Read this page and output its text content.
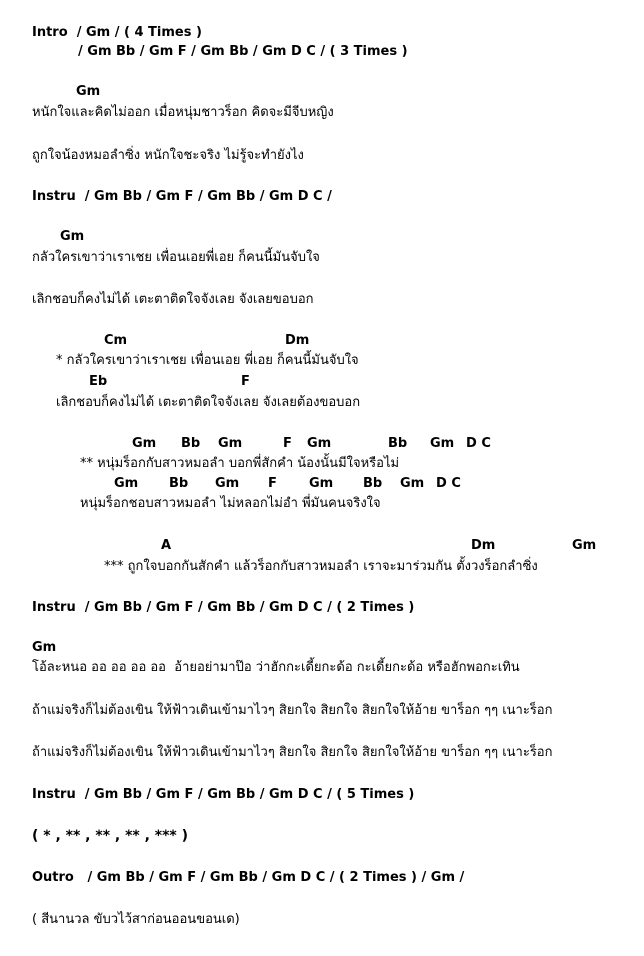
Intro  / Gm / ( 4 Times )
/ Gm Bb / Gm F / Gm Bb / Gm D C / ( 3 Times )
Gm
หนักใจและคิดไม่ออก เมื่อหนุ่มชาวร็อก คิดจะมีจีบหญิง
ถูกใจน้องหมอลำซิ่ง หนักใจชะจริง ไม่รู้จะทำยังไง
Instru  / Gm Bb / Gm F / Gm Bb / Gm D C /
Gm
กลัวใครเขาว่าเราเชย เพื่อนเอยพี่เอย ก็คนนี้มันจับใจ
เลิกชอบก็คงไม่ได้ เตะตาติดใจจังเลย จังเลยขอบอก
Cm	Dm
* กลัวใครเขาว่าเราเชย เพื่อนเอย พี่เอย ก็คนนี้มันจับใจ
Eb	F
เลิกชอบก็คงไม่ได้ เตะตาติดใจจังเลย จังเลยต้องขอบอก
Gm Bb Gm	F Gm	Bb Gm D C
** หนุ่มร็อกกับสาวหมอลำ บอกพี่สักคำ น้องนั้นมีใจหรือไม่
Gm Bb Gm F Gm Bb Gm D C
หนุ่มร็อกชอบสาวหมอลำ ไม่หลอกไม่อำ พี่มันคนจริงใจ
A	Dm	Gm
*** ถูกใจบอกกันสักคำ แล้วร็อกกับสาวหมอลำ เราจะมาร่วมกัน ตั้งวงร็อกลำซิ่ง
Instru  / Gm Bb / Gm F / Gm Bb / Gm D C / ( 2 Times )
Gm
โอ้ละหนอ ออ ออ ออ ออ  อ้ายอย่ามาป๊อ ว่าฮักกะเดี้ยกะด้อ กะเดี้ยกะด้อ หรือฮักพอกะเทิน
ถ้าแม่จริงก็ไม่ต้องเขิน ให้ฟ้าวเดินเข้ามาไวๆ สิยกใจ สิยกใจ สิยกใจให้อ้าย ขาร็อก ๆๆ เนาะร็อก
ถ้าแม่จริงก็ไม่ต้องเขิน ให้ฟ้าวเดินเข้ามาไวๆ สิยกใจ สิยกใจ สิยกใจให้อ้าย ขาร็อก ๆๆ เนาะร็อก
Instru  / Gm Bb / Gm F / Gm Bb / Gm D C / ( 5 Times )
( * , ** , ** , ** , *** )
Outro   / Gm Bb / Gm F / Gm Bb / Gm D C / ( 2 Times ) / Gm /
( สีนานวล ขับวไว้สาก่อนออนขอนเด)
